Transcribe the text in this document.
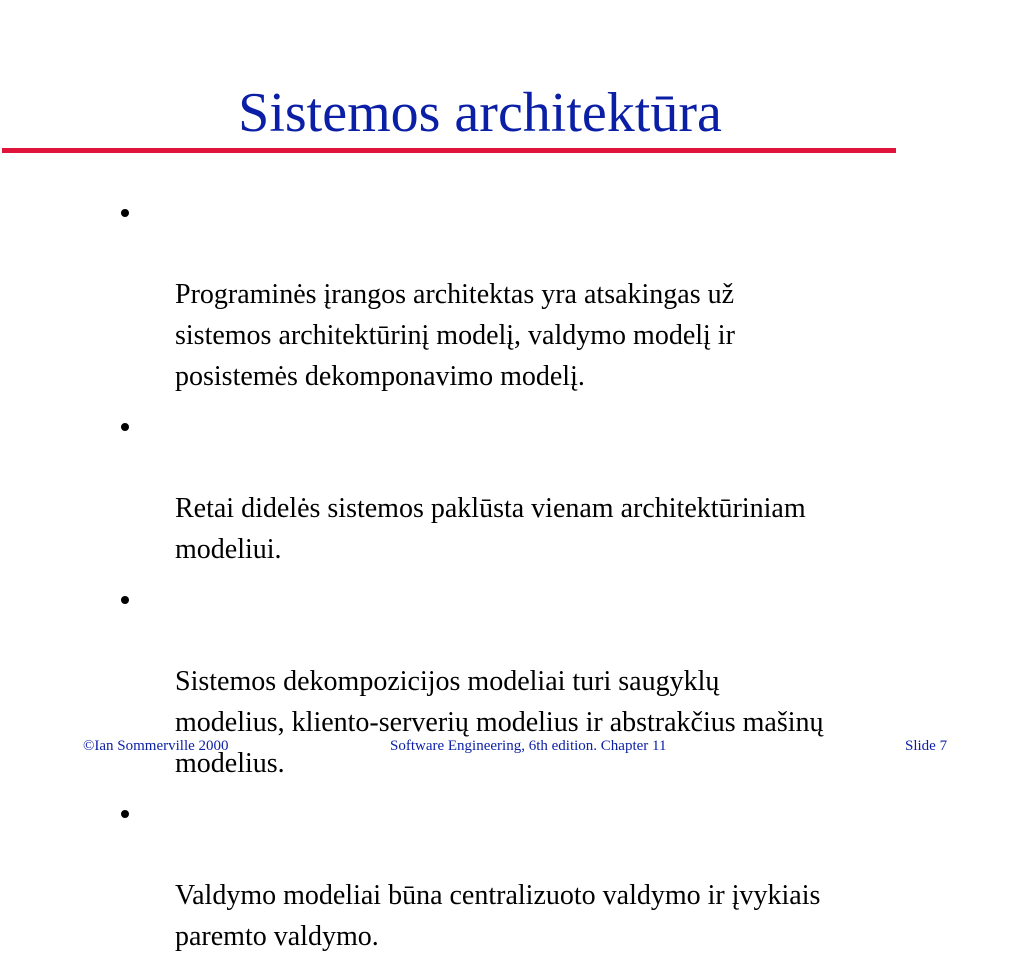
Sistemos architektūra

Programinės įrangos architektas yra atsakingas už
sistemos architektūrinį modelį, valdymo modelį ir
posistemės dekomponavimo modelį.

Retai didelės sistemos paklūsta vienam architektūriniam
modeliui.

Sistemos dekompozicijos modeliai turi saugyklų
modelius, kliento-serverių modelius ir abstrakčius mašinų
modelius.

Valdymo modeliai būna centralizuoto valdymo ir įvykiais
paremto valdymo.

©Ian Sommerville 2000	Software Engineering, 6th edition. Chapter 11	Slide 7
